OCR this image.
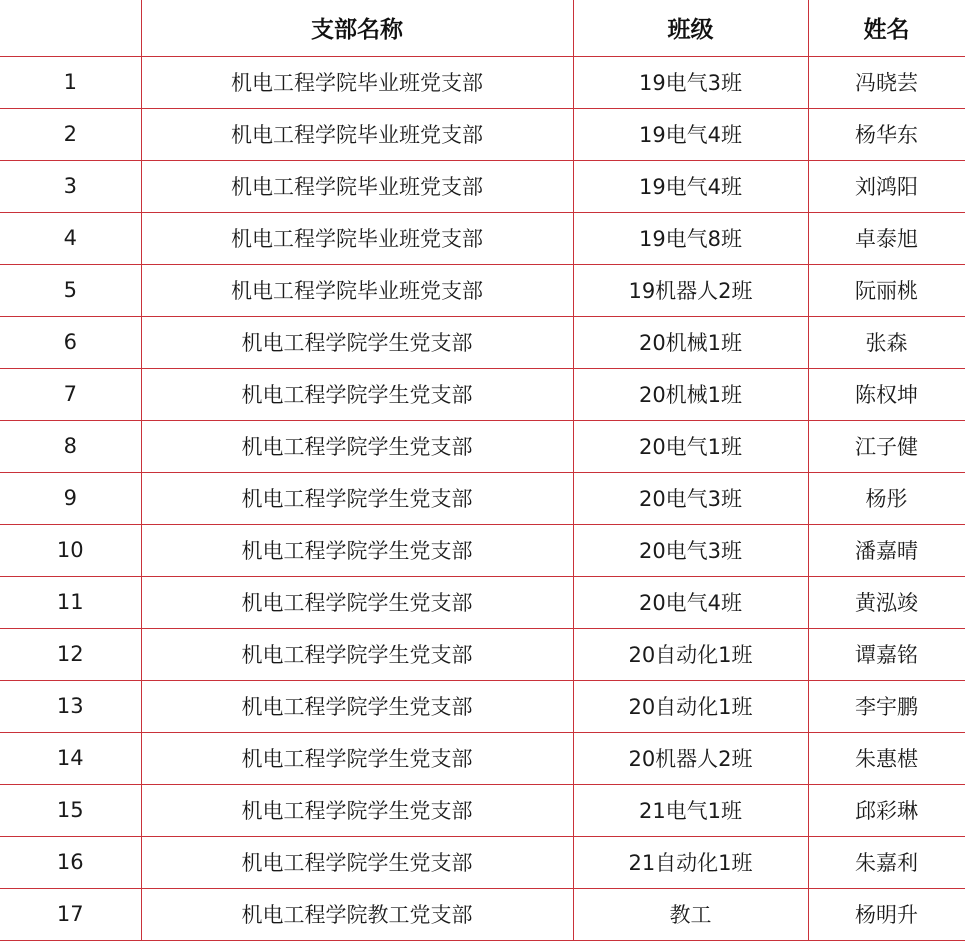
	支部名称	班级	姓名
1	机电工程学院毕业班党支部	19电气3班	冯晓芸
2	机电工程学院毕业班党支部	19电气4班	杨华东
3	机电工程学院毕业班党支部	19电气4班	刘鸿阳
4	机电工程学院毕业班党支部	19电气8班	卓泰旭
5	机电工程学院毕业班党支部	19机器人2班	阮丽桃
6	机电工程学院学生党支部	20机械1班	张森
7	机电工程学院学生党支部	20机械1班	陈权坤
8	机电工程学院学生党支部	20电气1班	江子健
9	机电工程学院学生党支部	20电气3班	杨彤
10	机电工程学院学生党支部	20电气3班	潘嘉晴
11	机电工程学院学生党支部	20电气4班	黄泓竣
12	机电工程学院学生党支部	20自动化1班	谭嘉铭
13	机电工程学院学生党支部	20自动化1班	李宇鹏
14	机电工程学院学生党支部	20机器人2班	朱惠椹
15	机电工程学院学生党支部	21电气1班	邱彩琳
16	机电工程学院学生党支部	21自动化1班	朱嘉利
17	机电工程学院教工党支部	教工	杨明升
